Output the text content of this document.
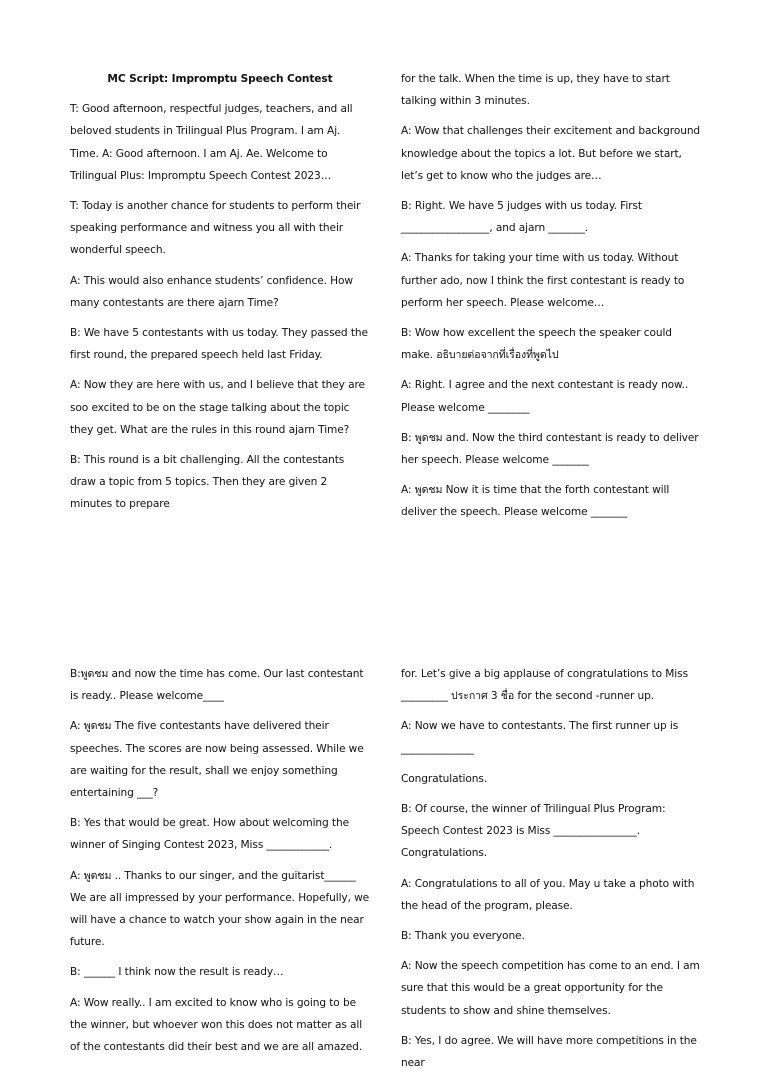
MC Script: Impromptu Speech Contest

T: Good afternoon, respectful judges, teachers, and all beloved students in Trilingual Plus Program. I am Aj. Time. A: Good afternoon. I am Aj. Ae. Welcome to Trilingual Plus: Impromptu Speech Contest 2023…

T: Today is another chance for students to perform their speaking performance and witness you all with their wonderful speech.

A: This would also enhance students’ confidence. How many contestants are there ajarn Time?

B: We have 5 contestants with us today. They passed the first round, the prepared speech held last Friday.

A: Now they are here with us, and I believe that they are soo excited to be on the stage talking about the topic they get. What are the rules in this round ajarn Time?

B: This round is a bit challenging. All the contestants draw a topic from 5 topics. Then they are given 2 minutes to prepare

for the talk. When the time is up, they have to start talking within 3 minutes.

A: Wow that challenges their excitement and background knowledge about the topics a lot. But before we start, let’s get to know who the judges are…

B: Right. We have 5 judges with us today. First _________________, and ajarn _______.

A: Thanks for taking your time with us today. Without further ado, now I think the first contestant is ready to perform her speech. Please welcome…

B: Wow how excellent the speech the speaker could make. อธิบายต่อจากที่เรื่องที่พูดไป

A: Right. I agree and the next contestant is ready now.. Please welcome ________

B: พูดชม and. Now the third contestant is ready to deliver her speech. Please welcome _______

A: พูดชม Now it is time that the forth contestant will deliver the speech. Please welcome _______

B:พูดชม and now the time has come. Our last contestant is ready.. Please welcome____

A: พูดชม The five contestants have delivered their speeches. The scores are now being assessed. While we are waiting for the result, shall we enjoy something entertaining ___?

B: Yes that would be great. How about welcoming the winner of Singing Contest 2023, Miss ____________.

A: พูดชม .. Thanks to our singer, and the guitarist______ We are all impressed by your performance. Hopefully, we will have a chance to watch your show again in the near future.

B: ______ I think now the result is ready…

A: Wow really.. I am excited to know who is going to be the winner, but whoever won this does not matter as all of the contestants did their best and we are all amazed.

for. Let’s give a big applause of congratulations to Miss _________ ประกาศ 3 ชื่อ for the second -runner up.

A: Now we have to contestants. The first runner up is ______________

Congratulations.

B: Of course, the winner of Trilingual Plus Program: Speech Contest 2023 is Miss ________________. Congratulations.

A: Congratulations to all of you. May u take a photo with the head of the program, please.

B: Thank you everyone.

A: Now the speech competition has come to an end. I am sure that this would be a great opportunity for the students to show and shine themselves.

B: Yes, I do agree. We will have more competitions in the near
